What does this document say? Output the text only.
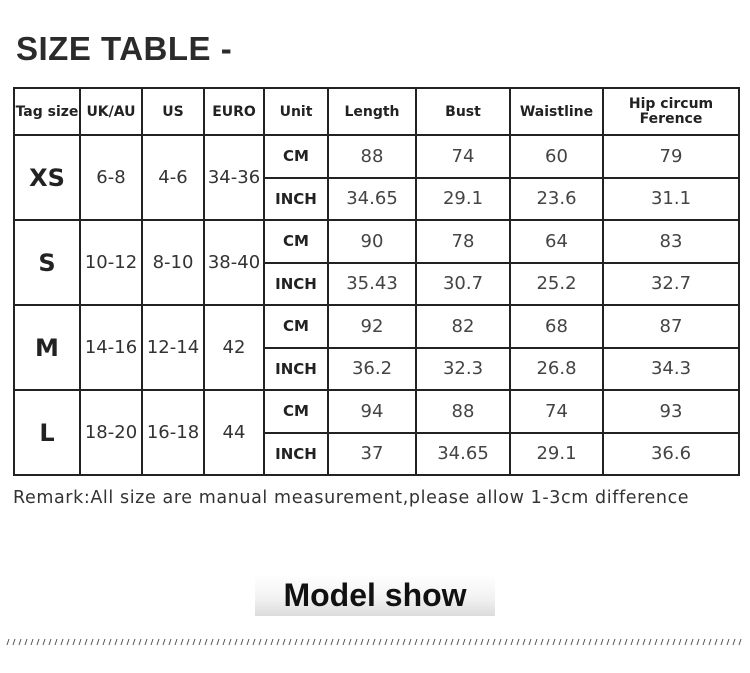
SIZE TABLE -
Tag size	UK/AU	US	EURO	Unit	Length	Bust	Waistline	Hip circum
Ference

XS	6-8	4-6	34-36	CM	88	74	60	79
				INCH	34.65	29.1	23.6	31.1
S	10-12	8-10	38-40	CM	90	78	64	83
				INCH	35.43	30.7	25.2	32.7
M	14-16	12-14	42	CM	92	82	68	87
				INCH	36.2	32.3	26.8	34.3
L	18-20	16-18	44	CM	94	88	74	93
				INCH	37	34.65	29.1	36.6
Remark:All size are manual measurement,please allow 1-3cm difference
Model show
